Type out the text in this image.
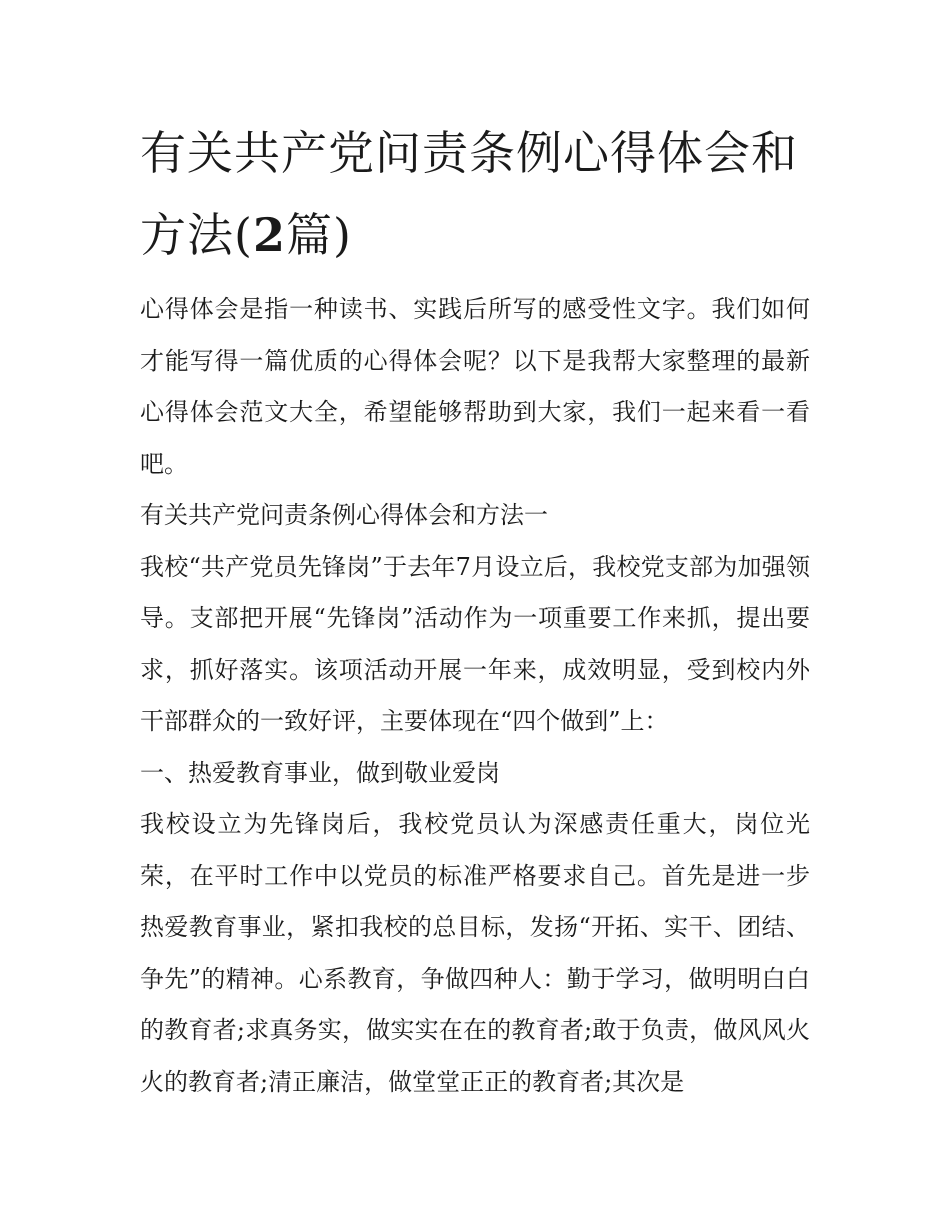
有关共产党问责条例心得体会和方法(2篇)

心得体会是指一种读书、实践后所写的感受性文字。我们如何才能写得一篇优质的心得体会呢？以下是我帮大家整理的最新心得体会范文大全，希望能够帮助到大家，我们一起来看一看吧。

有关共产党问责条例心得体会和方法一

我校“共产党员先锋岗”于去年7月设立后，我校党支部为加强领导。支部把开展“先锋岗”活动作为一项重要工作来抓，提出要求，抓好落实。该项活动开展一年来，成效明显，受到校内外干部群众的一致好评，主要体现在“四个做到”上：

一、热爱教育事业，做到敬业爱岗

我校设立为先锋岗后，我校党员认为深感责任重大，岗位光荣，在平时工作中以党员的标准严格要求自己。首先是进一步热爱教育事业，紧扣我校的总目标，发扬“开拓、实干、团结、争先”的精神。心系教育，争做四种人：勤于学习，做明明白白的教育者;求真务实，做实实在在的教育者;敢于负责，做风风火火的教育者;清正廉洁，做堂堂正正的教育者;其次是
